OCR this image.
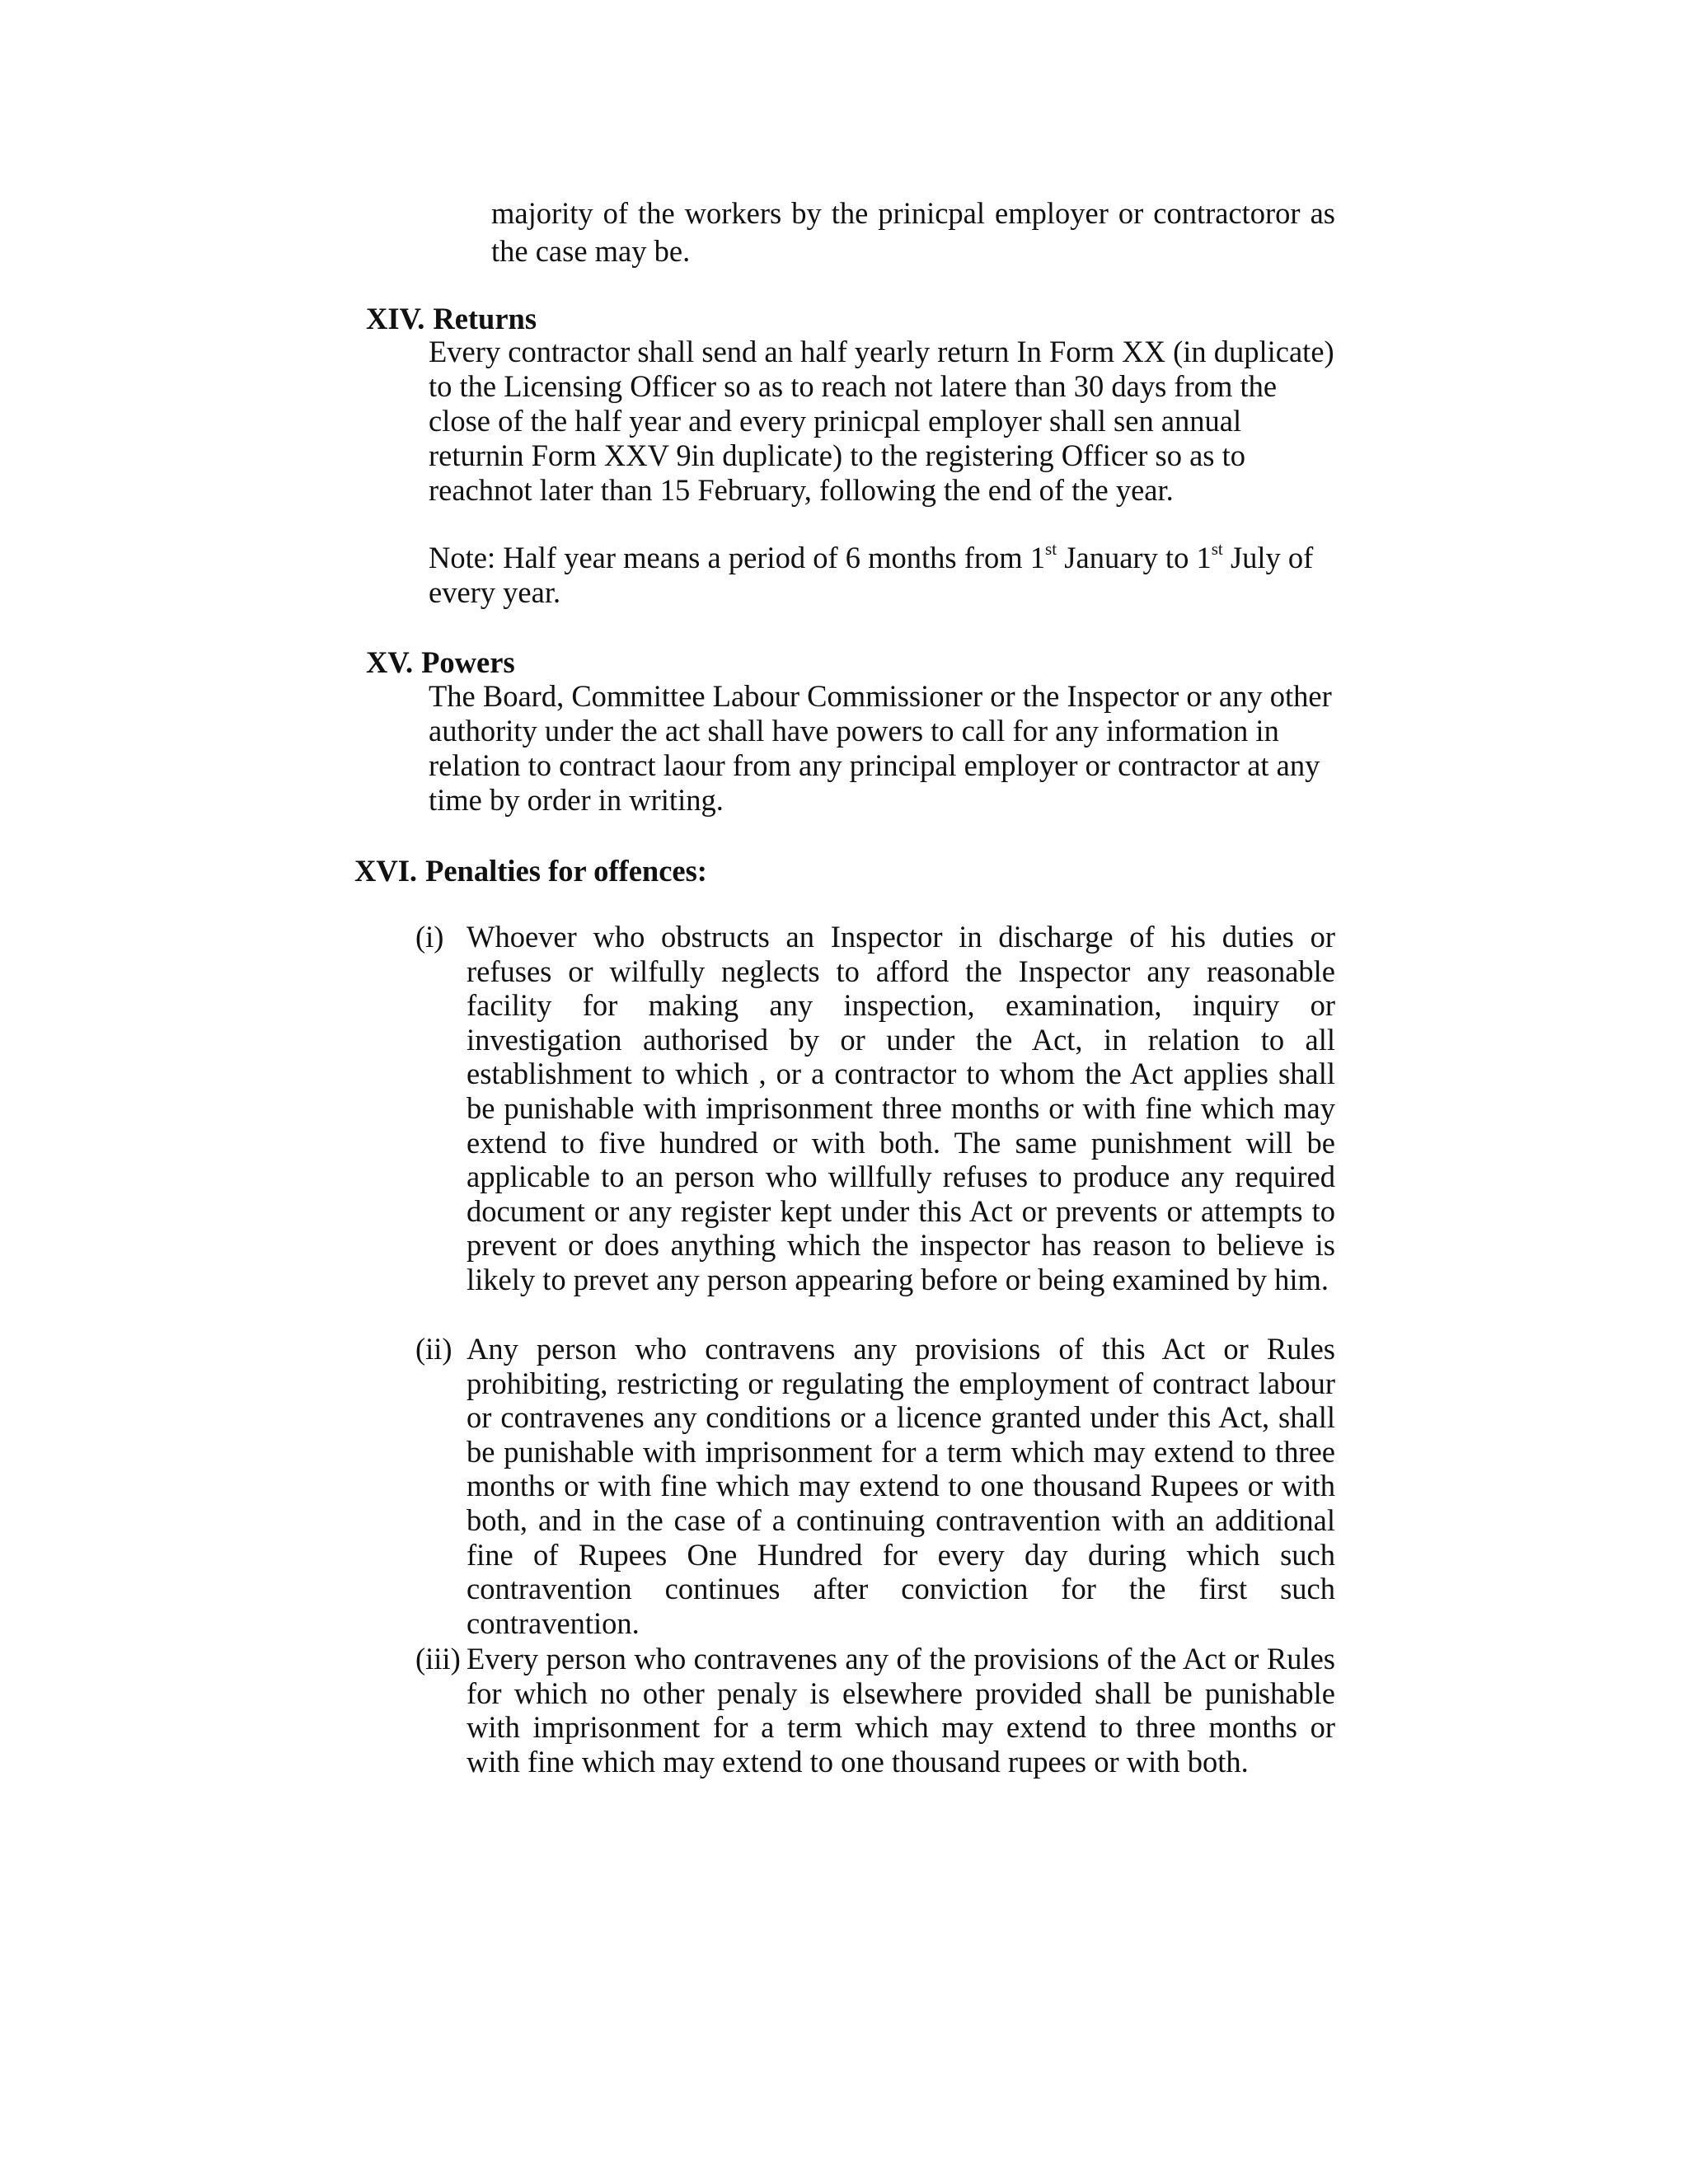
majority of the workers by the prinicpal employer or contractoror as
the case may be.
XIV. Returns
Every contractor shall send an half yearly return In Form XX (in duplicate)
to the Licensing Officer so as to reach not latere than 30 days from the
close of the half year and every prinicpal employer shall sen annual
returnin Form XXV 9in duplicate) to the registering Officer so as to
reachnot later than 15 February, following the end of the year.
Note: Half year means a period of 6 months from 1st January to 1st July of
every year.
XV. Powers
The Board, Committee Labour Commissioner or the Inspector or any other
authority under the act shall have powers to call for any information in
relation to contract laour from any principal employer or contractor at any
time by order in writing.
XVI. Penalties for offences:
(i) Whoever who obstructs an Inspector in discharge of his duties or refuses or wilfully neglects to afford the Inspector any reasonable facility for making any inspection, examination, inquiry or investigation authorised by or under the Act, in relation to all establishment to which , or a contractor to whom the Act applies shall be punishable with imprisonment three months or with fine which may extend to five hundred or with both. The same punishment will be applicable to an person who willfully refuses to produce any required document or any register kept under this Act or prevents or attempts to prevent or does anything which the inspector has reason to believe is likely to prevet any person appearing before or being examined by him.
(ii) Any person who contravens any provisions of this Act or Rules prohibiting, restricting or regulating the employment of contract labour or contravenes any conditions or a licence granted under this Act, shall be punishable with imprisonment for a term which may extend to three months or with fine which may extend to one thousand Rupees or with both, and in the case of a continuing contravention with an additional fine of Rupees One Hundred for every day during which such contravention continues after conviction for the first such contravention.
(iii) Every person who contravenes any of the provisions of the Act or Rules for which no other penaly is elsewhere provided shall be punishable with imprisonment for a term which may extend to three months or with fine which may extend to one thousand rupees or with both.
